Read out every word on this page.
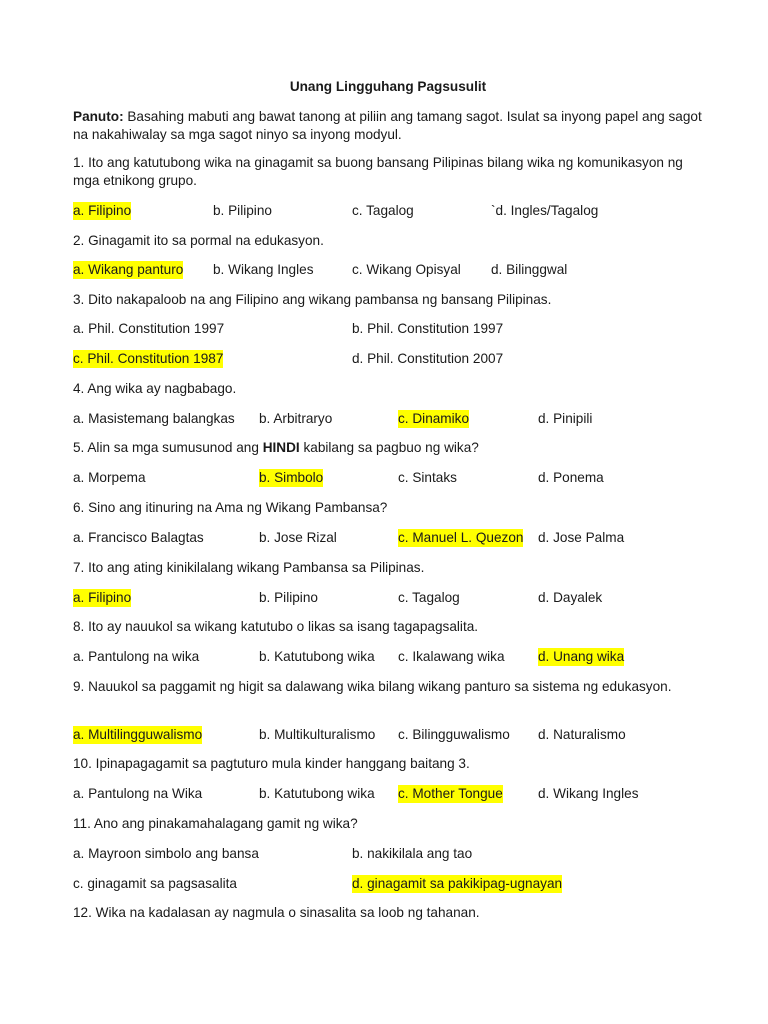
Unang Lingguhang Pagsusulit
Panuto: Basahing mabuti ang bawat tanong at piliin ang tamang sagot. Isulat sa inyong papel ang sagot na nakahiwalay sa mga sagot ninyo sa inyong modyul.
1. Ito ang katutubong wika na ginagamit sa buong bansang Pilipinas bilang wika ng komunikasyon ng mga etnikong grupo.
a. Filipino	b. Pilipino	c. Tagalog	`d. Ingles/Tagalog
2. Ginagamit ito sa pormal na edukasyon.
a. Wikang panturo b. Wikang Ingles	c. Wikang Opisyal d. Bilinggwal
3. Dito nakapaloob na ang Filipino ang wikang pambansa ng bansang Pilipinas.
a. Phil. Constitution 1997	b. Phil. Constitution 1997
c. Phil. Constitution 1987	d. Phil. Constitution 2007
4. Ang wika ay nagbabago.
a. Masistemang balangkas b. Arbitraryo	c. Dinamiko	d. Pinipili
5. Alin sa mga sumusunod ang HINDI kabilang sa pagbuo ng wika?
a. Morpema	b. Simbolo	c. Sintaks	d. Ponema
6. Sino ang itinuring na Ama ng Wikang Pambansa?
a. Francisco Balagtas	b. Jose Rizal	c. Manuel L. Quezon d. Jose Palma
7. Ito ang ating kinikilalang wikang Pambansa sa Pilipinas.
a. Filipino	b. Pilipino	c. Tagalog	d. Dayalek
8. Ito ay nauukol sa wikang katutubo o likas sa isang tagapagsalita.
a. Pantulong na wika	b. Katutubong wika c. Ikalawang wika d. Unang wika
9. Nauukol sa paggamit ng higit sa dalawang wika bilang wikang panturo sa sistema ng edukasyon.
a. Multilingguwalismo	b. Multikulturalismo c. Bilingguwalismo d. Naturalismo
10. Ipinapagagamit sa pagtuturo mula kinder hanggang baitang 3.
a. Pantulong na Wika	b. Katutubong wika c. Mother Tongue	d. Wikang Ingles
11. Ano ang pinakamahalagang gamit ng wika?
a. Mayroon simbolo ang bansa	b. nakikilala ang tao
c. ginagamit sa pagsasalita	d. ginagamit sa pakikipag-ugnayan
12. Wika na kadalasan ay nagmula o sinasalita sa loob ng tahanan.
